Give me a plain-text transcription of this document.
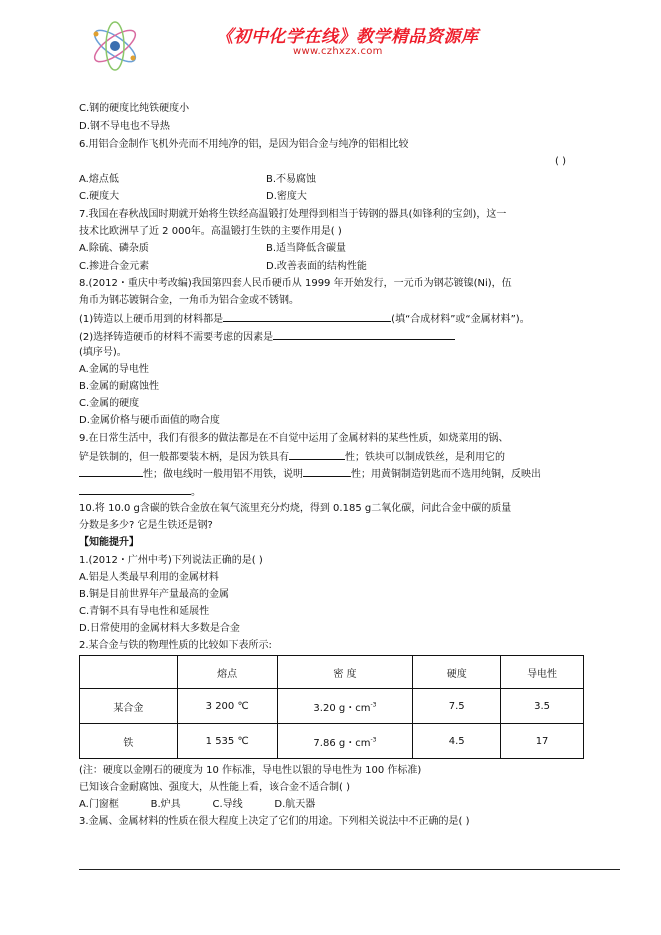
《初中化学在线》教学精品资源库
www.czhxzx.com
C.钢的硬度比纯铁硬度小
D.钢不导电也不导热
6.用铝合金制作飞机外壳而不用纯净的铝，是因为铝合金与纯净的铝相比较
( )
A.熔点低	B.不易腐蚀
C.硬度大	D.密度大
7.我国在春秋战国时期就开始将生铁经高温锻打处理得到相当于铸钢的器具(如锋利的宝剑)，这一
技术比欧洲早了近 2 000年。高温锻打生铁的主要作用是( )
A.除硫、磷杂质	B.适当降低含碳量
C.掺进合金元素	D.改善表面的结构性能
8.(2012・重庆中考改编)我国第四套人民币硬币从 1999 年开始发行，一元币为钢芯镀镍(Ni)，伍
角币为钢芯镀铜合金，一角币为铝合金或不锈钢。
(1)铸造以上硬币用到的材料都是	(填“合成材料”或“金属材料”)。
(2)选择铸造硬币的材料不需要考虑的因素是
(填序号)。
A.金属的导电性
B.金属的耐腐蚀性
C.金属的硬度
D.金属价格与硬币面值的吻合度
9.在日常生活中，我们有很多的做法都是在不自觉中运用了金属材料的某些性质，如烧菜用的锅、
铲是铁制的，但一般都要装木柄，是因为铁具有	性；铁块可以制成铁丝，是利用它的
性；做电线时一般用铝不用铁，说明	性；用黄铜制造钥匙而不选用纯铜，反映出
。
10.将 10.0 g含碳的铁合金放在氧气流里充分灼烧，得到 0.185 g二氧化碳，问此合金中碳的质量
分数是多少? 它是生铁还是钢?
【知能提升】
1.(2012・广州中考)下列说法正确的是( )
A.铝是人类最早利用的金属材料
B.铜是目前世界年产量最高的金属
C.青铜不具有导电性和延展性
D.日常使用的金属材料大多数是合金
2.某合金与铁的物理性质的比较如下表所示:
	熔点	密 度	硬度	导电性
某合金	3 200 ℃	3.20 g・$cm^{-3}$	7.5	3.5
铁	1 535 ℃	7.86 g・$cm^{-3}$	4.5	17
(注：硬度以金刚石的硬度为 10 作标准，导电性以银的导电性为 100 作标准)
已知该合金耐腐蚀、强度大，从性能上看，该合金不适合制( )
A.门窗框          B.炉具          C.导线          D.航天器
3.金属、金属材料的性质在很大程度上决定了它们的用途。下列相关说法中不正确的是( )
